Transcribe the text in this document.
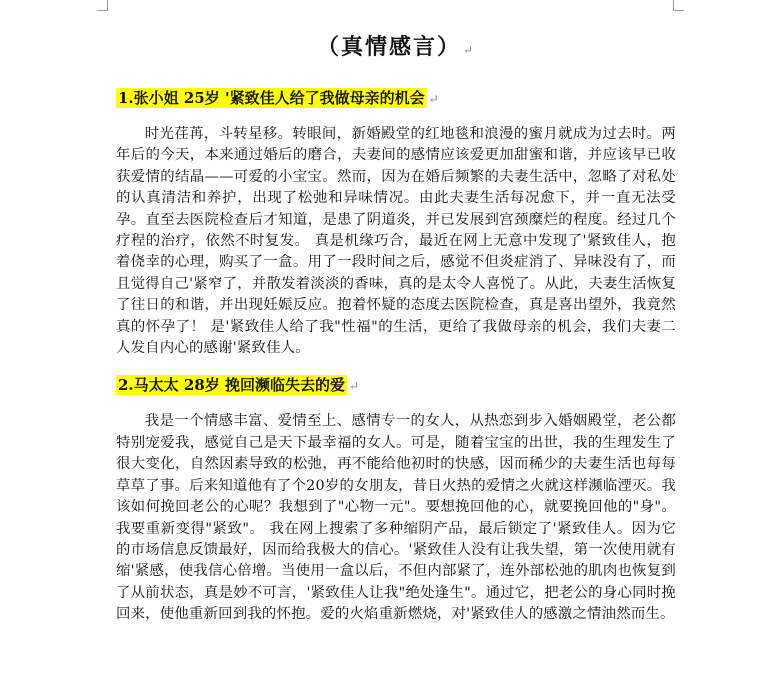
（真情感言） ↵
1.张小姐 25岁 '紧致佳人给了我做母亲的机会 ↵

时光荏苒，斗转星移。转眼间，新婚殿堂的红地毯和浪漫的蜜月就成为过去时。两年后的今天，本来通过婚后的磨合，夫妻间的感情应该爱更加甜蜜和谐，并应该早已收获爱情的结晶——可爱的小宝宝。然而，因为在婚后频繁的夫妻生活中，忽略了对私处的认真清洁和养护，出现了松弛和异味情况。由此夫妻生活每况愈下，并一直无法受孕。直至去医院检查后才知道，是患了阴道炎，并已发展到宫颈糜烂的程度。经过几个疗程的治疗，依然不时复发。 真是机缘巧合，最近在网上无意中发现了'紧致佳人，抱着侥幸的心理，购买了一盒。用了一段时间之后，感觉不但炎症消了、异味没有了，而且觉得自己'紧窄了，并散发着淡淡的香味，真的是太令人喜悦了。从此，夫妻生活恢复了往日的和谐，并出现妊娠反应。抱着怀疑的态度去医院检查，真是喜出望外，我竟然真的怀孕了！ 是'紧致佳人给了我"性福"的生活，更给了我做母亲的机会，我们夫妻二人发自内心的感谢'紧致佳人。

2.马太太 28岁 挽回濒临失去的爱 ↵

我是一个情感丰富、爱情至上、感情专一的女人，从热恋到步入婚姻殿堂，老公都特别宠爱我，感觉自己是天下最幸福的女人。可是，随着宝宝的出世，我的生理发生了很大变化，自然因素导致的松弛，再不能给他初时的快感，因而稀少的夫妻生活也每每草草了事。后来知道他有了个20岁的女朋友，昔日火热的爱情之火就这样濒临湮灭。我该如何挽回老公的心呢？我想到了"心物一元"。要想挽回他的心，就要挽回他的"身"。我要重新变得"紧致"。 我在网上搜索了多种缩阴产品，最后锁定了'紧致佳人。因为它的市场信息反馈最好，因而给我极大的信心。'紧致佳人没有让我失望，第一次使用就有缩'紧感，使我信心倍增。当使用一盒以后，不但内部紧了，连外部松弛的肌肉也恢复到了从前状态，真是妙不可言，'紧致佳人让我"绝处逢生"。通过它，把老公的身心同时挽回来，使他重新回到我的怀抱。爱的火焰重新燃烧，对'紧致佳人的感激之情油然而生。
